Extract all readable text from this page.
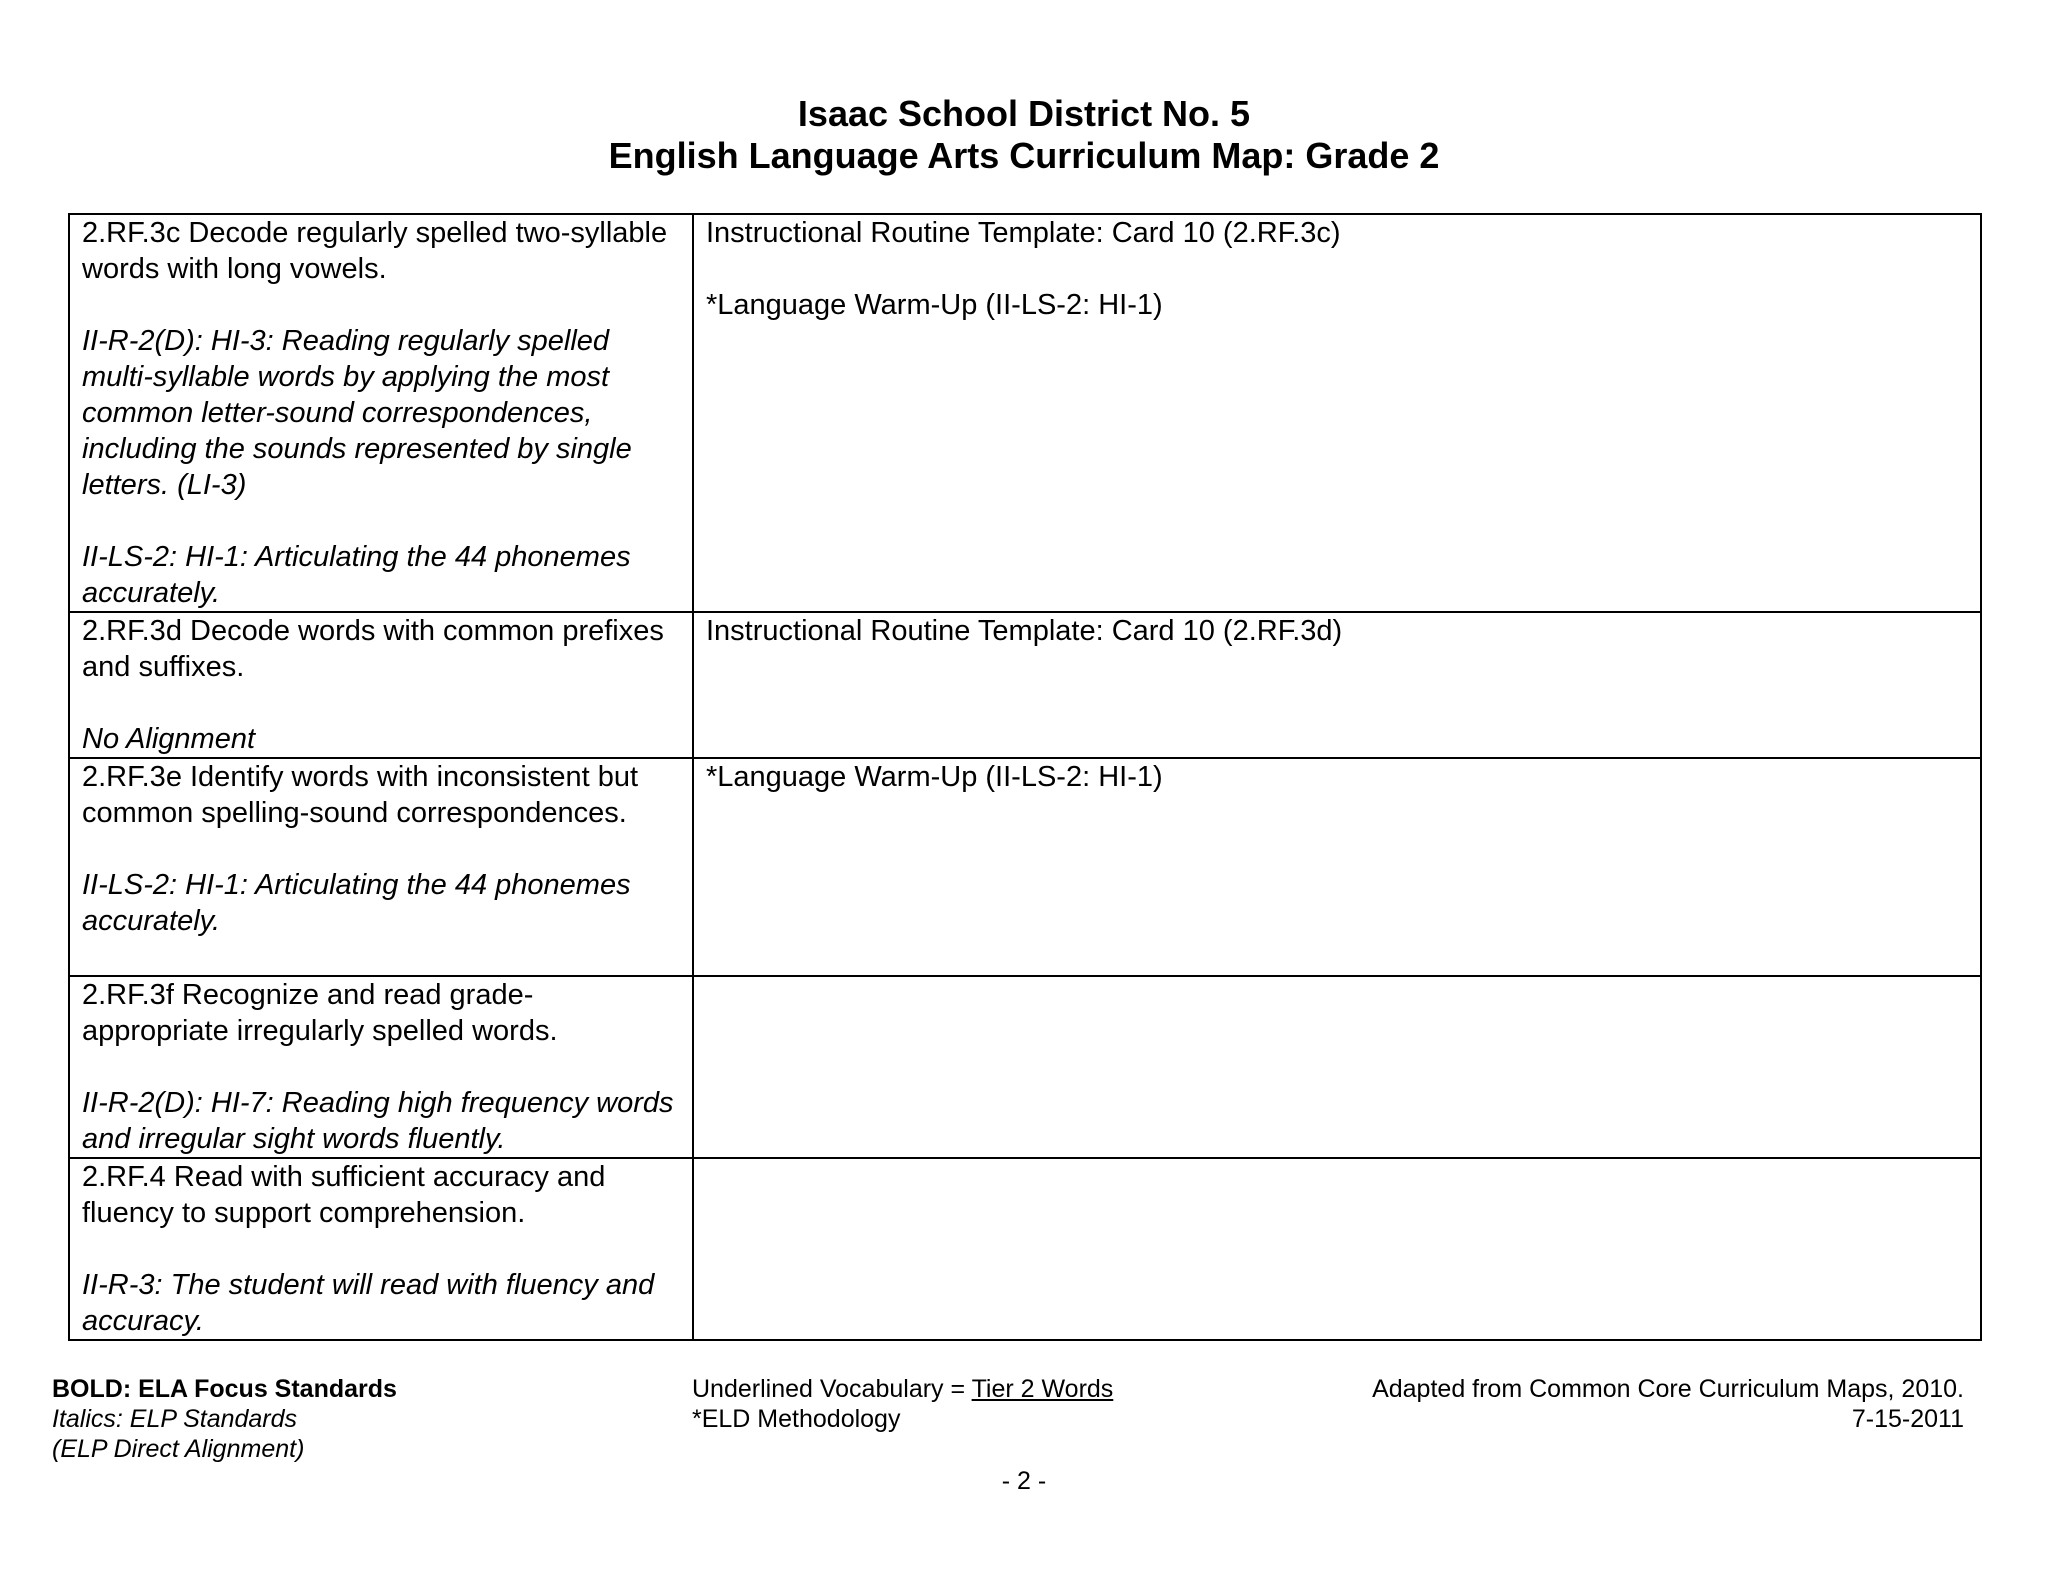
Isaac School District No. 5
English Language Arts Curriculum Map: Grade 2
2.RF.3c Decode regularly spelled two-syllable words with long vowels.
II-R-2(D): HI-3: Reading regularly spelled multi-syllable words by applying the most common letter-sound correspondences, including the sounds represented by single letters. (LI-3)
II-LS-2: HI-1: Articulating the 44 phonemes accurately.	Instructional Routine Template: Card 10 (2.RF.3c)
*Language Warm-Up (II-LS-2: HI-1)

2.RF.3d Decode words with common prefixes and suffixes.
No Alignment	Instructional Routine Template: Card 10 (2.RF.3d)

2.RF.3e Identify words with inconsistent but common spelling-sound correspondences.
II-LS-2: HI-1: Articulating the 44 phonemes accurately.	*Language Warm-Up (II-LS-2: HI-1)

2.RF.3f Recognize and read grade-appropriate irregularly spelled words.
II-R-2(D): HI-7: Reading high frequency words and irregular sight words fluently.	

2.RF.4 Read with sufficient accuracy and fluency to support comprehension.
II-R-3: The student will read with fluency and accuracy.	

BOLD: ELA Focus Standards
Italics: ELP Standards
(ELP Direct Alignment)
Underlined Vocabulary = Tier 2 Words
*ELD Methodology
Adapted from Common Core Curriculum Maps, 2010.
7-15-2011
- 2 -
